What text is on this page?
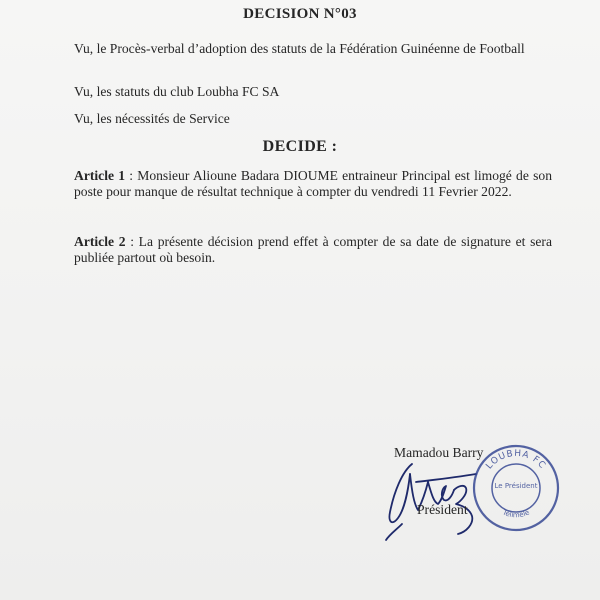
DECISION N°03
Vu, le Procès-verbal d’adoption des statuts de la Fédération Guinéenne de Football
Vu, les statuts du club Loubha FC SA
Vu, les nécessités de Service
DECIDE :
Article 1 : Monsieur Alioune Badara DIOUME entraineur Principal est limogé de son poste pour manque de résultat technique à compter du vendredi 11 Fevrier 2022.
Article 2 : La présente décision prend effet à compter de sa date de signature et sera publiée partout où besoin.
LOUBHA FC
Le Président
Télimélé
Mamadou Barry
Président
